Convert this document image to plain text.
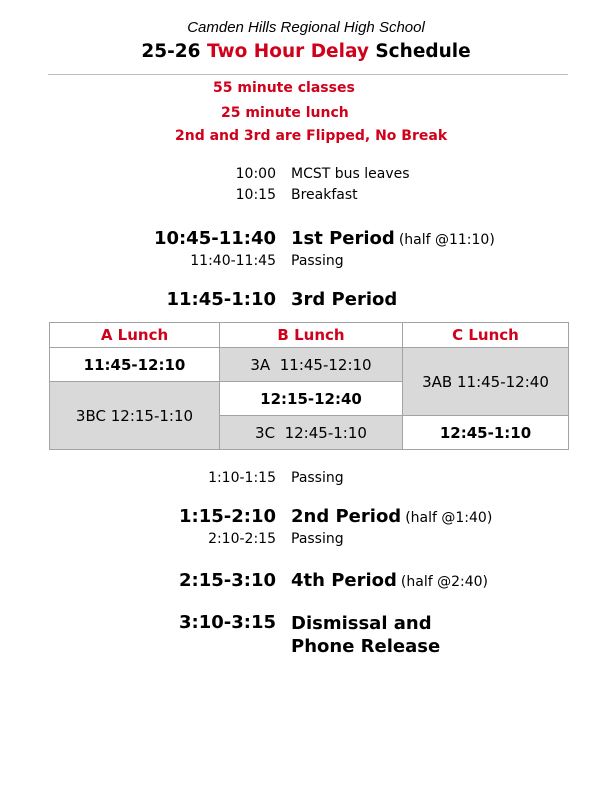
Camden Hills Regional High School
25-26 Two Hour Delay Schedule
55 minute classes
25 minute lunch
2nd and 3rd are Flipped, No Break
10:00 MCST bus leaves
10:15 Breakfast
10:45-11:40 1st Period (half @11:10)
11:40-11:45 Passing
11:45-1:10 3rd Period
A Lunch	B Lunch	C Lunch
11:45-12:10	3A  11:45-12:10	3AB 11:45-12:40
3BC 12:15-1:10	12:15-12:40	
	3C  12:45-1:10	12:45-1:10
1:10-1:15 Passing
1:15-2:10 2nd Period (half @1:40)
2:10-2:15 Passing
2:15-3:10 4th Period (half @2:40)
3:10-3:15 Dismissal and
Phone Release
